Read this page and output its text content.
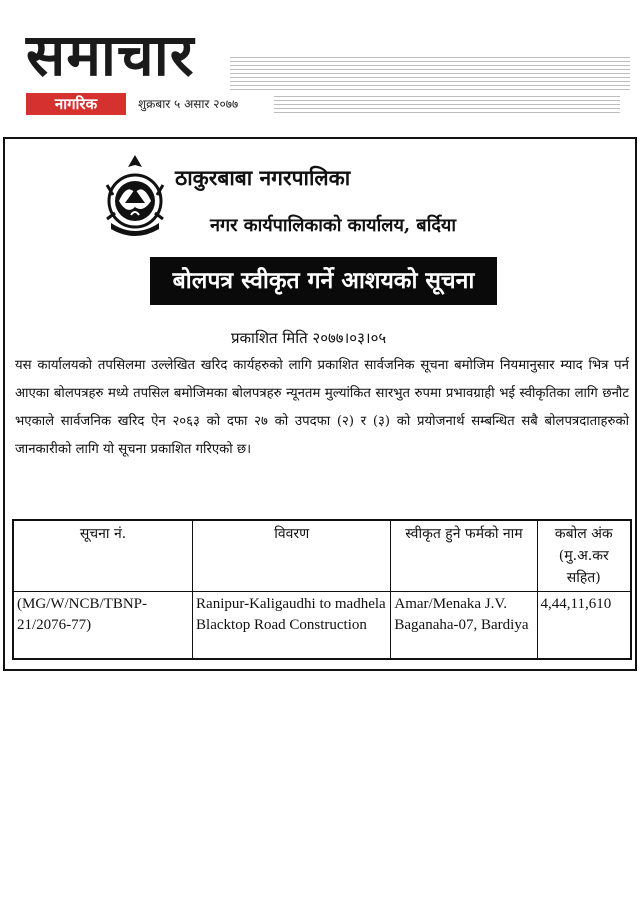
समाचार
नागरिक	शुक्रबार ५ असार २०७७
ठाकुरबाबा नगरपालिका
नगर कार्यपालिकाको कार्यालय, बर्दिया
बोलपत्र स्वीकृत गर्ने आशयको सूचना
प्रकाशित मिति २०७७।०३।०५
यस कार्यालयको तपसिलमा उल्लेखित खरिद कार्यहरुको लागि प्रकाशित सार्वजनिक सूचना बमोजिम नियमानुसार म्याद भित्र पर्न आएका बोलपत्रहरु मध्ये तपसिल बमोजिमका बोलपत्रहरु न्यूनतम मुल्यांकित सारभुत रुपमा प्रभावग्राही भई स्वीकृतिका लागि छनौट भएकाले सार्वजनिक खरिद ऐन २०६३ को दफा २७ को उपदफा (२) र (३) को प्रयोजनार्थ सम्बन्धित सबै बोलपत्रदाताहरुको जानकारीको लागि यो सूचना प्रकाशित गरिएको छ।
सूचना नं.	विवरण	स्वीकृत हुने फर्मको नाम	कबोल अंक (मु.अ.कर सहित)
(MG/W/NCB/TBNP-21/2076-77)	Ranipur-Kaligaudhi to madhela Blacktop Road Construction	Amar/Menaka J.V. Baganaha-07, Bardiya	4,44,11,610
